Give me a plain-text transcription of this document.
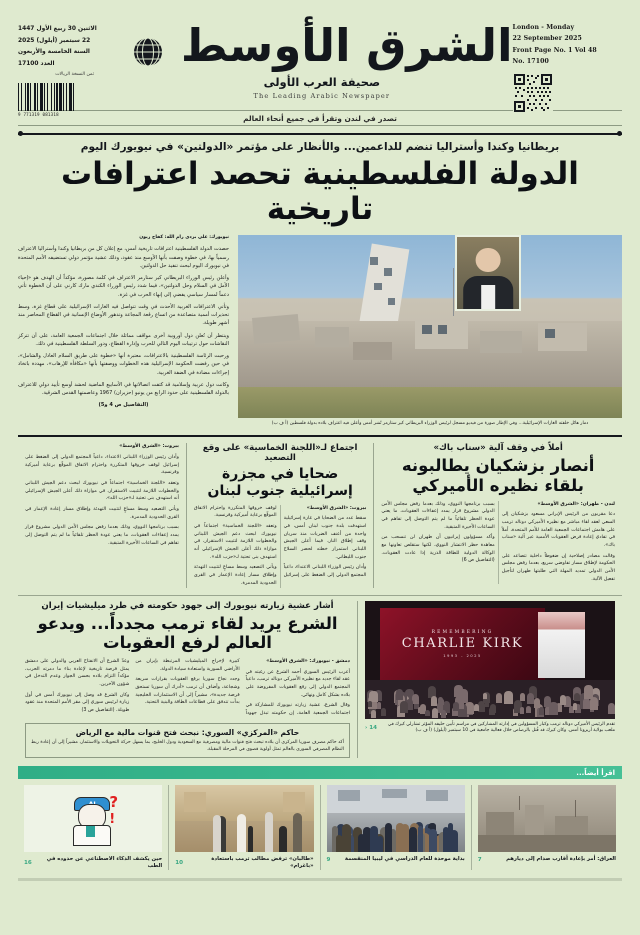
London - Monday
22 September 2025
Front Page No. 1 Vol 48
No. 17100
الشرق الأوسط
صحيفة العرب الأولى
The Leading Arabic Newspaper
الاثنين 30 ربيع الأول 1447
22 سبتمبر (أيلول) 2025
السنة الخامسة والأربعون
العدد 17100
ثمن النسخة الريالات
9 771319 081318	تصدر في لندن وتقرأ في جميع أنحاء العالم
بريطانيا وكندا وأستراليا تنضم للداعمين... والأنظار على مؤتمر «الدولتين» في نيويورك اليوم
الدولة الفلسطينية تحصد اعترافات تاريخية
دمار هائل خلفته الغارات الإسرائيلية... وفي الإطار صورة من فيديو مسجل لرئيس الوزراء البريطاني كير ستارمر نُشر أمس وأعلن فيه اعتراف بلاده بدولة فلسطين (أ ف ب)
نيويورك: علي بردى رام الله: كفاح زبون

حصدت الدولة الفلسطينية اعترافات تاريخية أمس، مع إعلان كل من بريطانيا وكندا وأستراليا الاعتراف رسمياً بها، في خطوة وصفت بأنها الأوسع منذ عقود، وذلك عشية مؤتمر دولي تستضيفه الأمم المتحدة في نيويورك اليوم لبحث تنفيذ حل الدولتين.

وأعلن رئيس الوزراء البريطاني كير ستارمر الاعتراف في كلمة مصورة، مؤكداً أن الهدف هو «إحياء الأمل في السلام وحل الدولتين»، فيما شدد رئيس الوزراء الكندي مارك كارني على أن الخطوة تأتي دعماً لمسار سياسي يفضي إلى إنهاء الحرب في غزة.

وتأتي الاعترافات الغربية الأحدث في وقت تتواصل فيه الغارات الإسرائيلية على قطاع غزة، وسط تحذيرات أممية متصاعدة من اتساع رقعة المجاعة وتدهور الأوضاع الإنسانية في القطاع المحاصر منذ أشهر طويلة.

وينتظر أن تُعلن دول أوروبية أخرى مواقف مماثلة خلال اجتماعات الجمعية العامة، على أن تتركز النقاشات حول ترتيبات اليوم التالي للحرب وإدارة القطاع، ودور السلطة الفلسطينية في ذلك.

ورحبت الرئاسة الفلسطينية بالاعترافات، معتبرة أنها «خطوة على طريق السلام العادل والشامل»، في حين رفضت الحكومة الإسرائيلية هذه الخطوات ووصفتها بأنها «مكافأة للإرهاب»، مهددة باتخاذ إجراءات مضادة في الضفة الغربية.

وكانت دول عربية وإسلامية قد كثفت اتصالاتها في الأسابيع الماضية لحشد أوسع تأييد دولي للاعتراف بالدولة الفلسطينية على حدود الرابع من يونيو (حزيران) 1967 وعاصمتها القدس الشرقية.

(التفاصيل ص 4 و5)

أملاً في وقف آلية «سناب باك»
أنصار بزشكيان يطالبونه بلقاء نظيره الأميركي

لندن - طهران: «الشرق الأوسط»

دعا مقربون من الرئيس الإيراني مسعود بزشكيان إلى السعي لعقد لقاء مباشر مع نظيره الأميركي دونالد ترمب على هامش اجتماعات الجمعية العامة للأمم المتحدة، أملاً في تفادي إعادة فرض العقوبات الأممية عبر آلية «سناب باك».

وقالت مصادر إصلاحية إن ضغوطاً داخلية تتصاعد على الحكومة لإطلاق مسار تفاوضي سريع، بعدما رفض مجلس الأمن الدولي تمديد المهلة التي طلبتها طهران لتأجيل تفعيل الآلية.

بسبب برنامجها النووي، وذلك بعدما رفض مجلس الأمن الدولي مشروع قرار يمدد إعفاءات العقوبات، ما يعني عودة الحظر تلقائياً ما لم يتم التوصل إلى تفاهم في الساعات الأخيرة المتبقية.

وأكد مسؤولون إيرانيون أن طهران لن تنسحب من معاهدة حظر الانتشار النووي، لكنها ستقلص تعاونها مع الوكالة الدولية للطاقة الذرية إذا عادت العقوبات. (التفاصيل ص 6)

اجتماع لـ«اللجنة الخماسية» على وقع التصعيد
ضحايا في مجزرة إسرائيلية جنوب لبنان

بيروت: «الشرق الأوسط»

سقط عدد من الضحايا في غارة إسرائيلية استهدفت بلدة جنوب لبنان أمس، في واحدة من أعنف الضربات منذ سريان وقف إطلاق النار، فيما أعلن الجيش اللبناني استمرار خطته لحصر السلاح جنوب الليطاني.

وأدان رئيس الوزراء اللبناني الاعتداء، داعياً المجتمع الدولي إلى الضغط على إسرائيل لوقف خروقها المتكررة واحترام الاتفاق الموقّع برعاية أميركية وفرنسية.

وتعقد «اللجنة الخماسية» اجتماعاً في نيويورك لبحث دعم الجيش اللبناني والخطوات اللازمة لتثبيت الاستقرار، في موازاة ذلك أعلن الجيش الإسرائيلي أنه استهدف بنى تحتية لـ«حزب الله».

ويأتي التصعيد وسط مساعٍ لتثبيت التهدئة وإطلاق مسار إعادة الإعمار في القرى الحدودية المدمرة.

بيروت: «الشرق الأوسط»

وأدان رئيس الوزراء اللبناني الاعتداء، داعياً المجتمع الدولي إلى الضغط على إسرائيل لوقف خروقها المتكررة واحترام الاتفاق الموقّع برعاية أميركية وفرنسية.

وتعقد «اللجنة الخماسية» اجتماعاً في نيويورك لبحث دعم الجيش اللبناني والخطوات اللازمة لتثبيت الاستقرار، في موازاة ذلك أعلن الجيش الإسرائيلي أنه استهدف بنى تحتية لـ«حزب الله».

ويأتي التصعيد وسط مساعٍ لتثبيت التهدئة وإطلاق مسار إعادة الإعمار في القرى الحدودية المدمرة.

بسبب برنامجها النووي، وذلك بعدما رفض مجلس الأمن الدولي مشروع قرار يمدد إعفاءات العقوبات، ما يعني عودة الحظر تلقائياً ما لم يتم التوصل إلى تفاهم في الساعات الأخيرة المتبقية.

REMEMBERING
CHARLIE KIRK
1993 - 2025
تقدم الرئيس الأميركي دونالد ترمب وكبار المسؤولين في إدارته المشاركين في مراسم تأبين حليفه المؤثر تشارلي كيرك في ملعب بولاية أريزونا أمس. وكان كيرك قد قُتل بالرصاص خلال فعالية جامعية في 10 سبتمبر (أيلول) (أ ف ب)
14 ‹
أشار عشية زيارته نيويورك إلى جهود حكومته في طرد ميليشيات إيران
الشرع يريد لقاء ترمب مجدداً... ويدعو العالم لرفع العقوبات

دمشق - نيويورك: «الشرق الأوسط»

أعرب الرئيس السوري أحمد الشرع عن رغبته في عقد لقاء جديد مع نظيره الأميركي دونالد ترمب، داعياً المجتمع الدولي إلى رفع العقوبات المفروضة على بلاده بشكل كامل ونهائي.

وقال الشرع، عشية زيارته نيويورك للمشاركة في اجتماعات الجمعية العامة، إن حكومته تبذل جهوداً كبيرة لإخراج الميليشيات المرتبطة بإيران من الأراضي السورية واستعادة سيادة الدولة.

وجدد نجاح سوريا برفع العقوبات بقرارات سريعة وشجاعة، وأضاف أن ترمب «أدرك أن سوريا تستحق فرصة جديدة»، مشيراً إلى أن الاستثمارات الخليجية بدأت تتدفق على قطاعات الطاقة والبنية التحتية.

وعدّ الشرع أن الانفتاح العربي والدولي على دمشق يمثل فرصة تاريخية لإعادة بناء ما دمرته الحرب، مؤكداً التزام بلاده بحسن الجوار وعدم التدخل في شؤون الآخرين.

وكان الشرع قد وصل إلى نيويورك أمس في أول زيارة لرئيس سوري إلى مقر الأمم المتحدة منذ عقود طويلة. (التفاصيل ص 3)

حاكم «المركزي» السوري: نبحث فتح قنوات مالية مع الرياض
أكد حاكم مصرف سوريا المركزي أن بلاده تبحث فتح قنوات مالية ومصرفية مع السعودية ودول الخليج، بما يسهل حركة التحويلات والاستثمار، مشيراً إلى أن إعادة ربط النظام المصرفي السوري بالعالم تمثل أولوية قصوى في المرحلة المقبلة.
اقرأ أيضاً...
العراق: أمر بإعادة أقارب صدام إلى ديارهم
7
بداية موحدة للعام الدراسي في ليبيا المنقسمة
9
«طالبان» ترفض مطالب ترمب باستعادة «باغرام»
10
?
!
حين يكشف الذكاء الاصطناعي عن حدوده في الطب
16
